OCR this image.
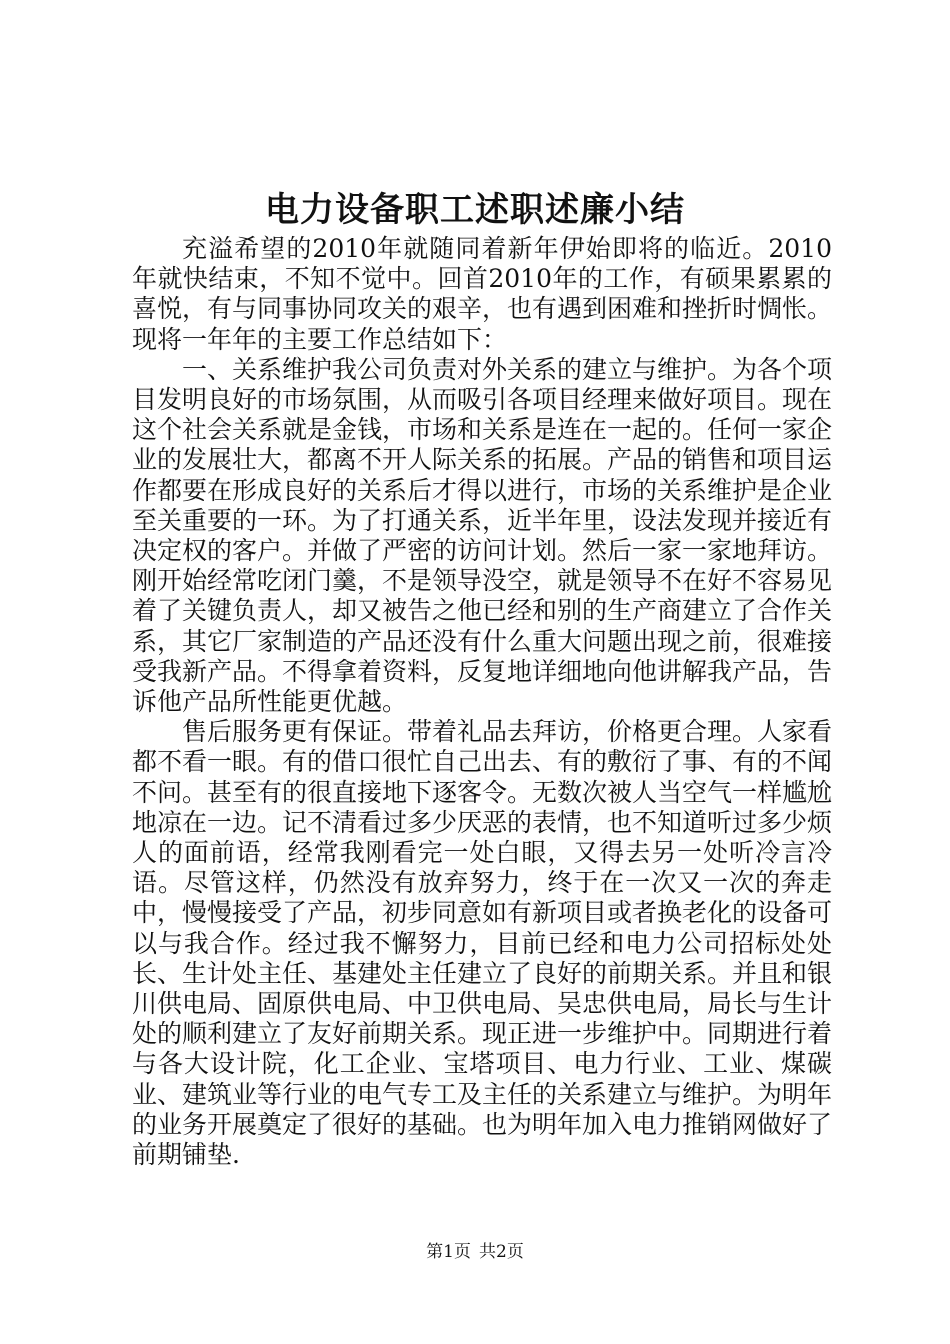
电力设备职工述职述廉小结

充溢希望的2010年就随同着新年伊始即将的临近。2010年就快结束，不知不觉中。回首2010年的工作，有硕果累累的喜悦，有与同事协同攻关的艰辛，也有遇到困难和挫折时惆怅。现将一年年的主要工作总结如下：

一、关系维护我公司负责对外关系的建立与维护。为各个项目发明良好的市场氛围，从而吸引各项目经理来做好项目。现在这个社会关系就是金钱，市场和关系是连在一起的。任何一家企业的发展壮大，都离不开人际关系的拓展。产品的销售和项目运作都要在形成良好的关系后才得以进行，市场的关系维护是企业至关重要的一环。为了打通关系，近半年里，设法发现并接近有决定权的客户。并做了严密的访问计划。然后一家一家地拜访。刚开始经常吃闭门羹，不是领导没空，就是领导不在好不容易见着了关键负责人，却又被告之他已经和别的生产商建立了合作关系，其它厂家制造的产品还没有什么重大问题出现之前，很难接受我新产品。不得拿着资料，反复地详细地向他讲解我产品，告诉他产品所性能更优越。

售后服务更有保证。带着礼品去拜访，价格更合理。人家看都不看一眼。有的借口很忙自己出去、有的敷衍了事、有的不闻不问。甚至有的很直接地下逐客令。无数次被人当空气一样尴尬地凉在一边。记不清看过多少厌恶的表情，也不知道听过多少烦人的面前语，经常我刚看完一处白眼，又得去另一处听冷言冷语。尽管这样，仍然没有放弃努力，终于在一次又一次的奔走中，慢慢接受了产品，初步同意如有新项目或者换老化的设备可以与我合作。经过我不懈努力，目前已经和电力公司招标处处长、生计处主任、基建处主任建立了良好的前期关系。并且和银川供电局、固原供电局、中卫供电局、吴忠供电局，局长与生计处的顺利建立了友好前期关系。现正进一步维护中。同期进行着与各大设计院，化工企业、宝塔项目、电力行业、工业、煤碳业、建筑业等行业的电气专工及主任的关系建立与维护。为明年的业务开展奠定了很好的基础。也为明年加入电力推销网做好了前期铺垫.

第1页 共2页
